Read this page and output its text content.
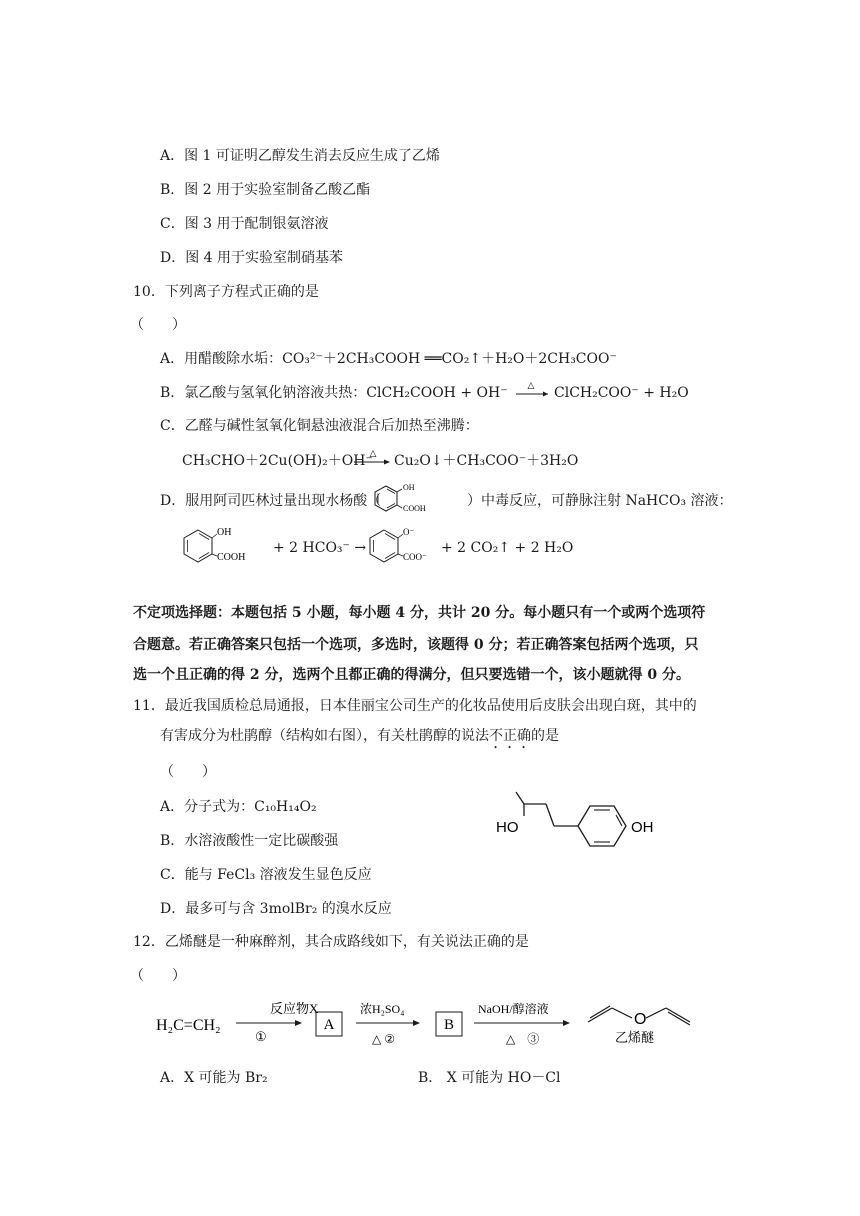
A．图 1 可证明乙醇发生消去反应生成了乙烯
B．图 2 用于实验室制备乙酸乙酯
C．图 3 用于配制银氨溶液
D．图 4 用于实验室制硝基苯
10．下列离子方程式正确的是
（　　）
A．用醋酸除水垢：CO₃²⁻＋2CH₃COOH ══CO₂↑＋H₂O＋2CH₃COO⁻
B．氯乙酸与氢氧化钠溶液共热：ClCH₂COOH + OH⁻ △ ClCH₂COO⁻ + H₂O
C．乙醛与碱性氢氧化铜悬浊液混合后加热至沸腾：
CH₃CHO＋2Cu(OH)₂＋OH⁻
△ Cu₂O↓＋CH₃COO⁻＋3H₂O
D．服用阿司匹林过量出现水杨酸（
OH
COOH	）中毒反应，可静脉注射 NaHCO₃ 溶液：
OH
COOH
+ 2 HCO₃⁻ →
O⁻
COO⁻
+ 2 CO₂↑ + 2 H₂O
不定项选择题：本题包括 5 小题，每小题 4 分，共计 20 分。每小题只有一个或两个选项符
合题意。若正确答案只包括一个选项，多选时，该题得 0 分；若正确答案包括两个选项，只
选一个且正确的得 2 分，选两个且都正确的得满分，但只要选错一个，该小题就得 0 分。
11．最近我国质检总局通报，日本佳丽宝公司生产的化妆品使用后皮肤会出现白斑，其中的
有害成分为杜鹃醇（结构如右图），有关杜鹃醇的说法不正确的是
（　　）
A．分子式为：C₁₀H₁₄O₂
B．水溶液酸性一定比碳酸强
C．能与 FeCl₃ 溶液发生显色反应
D．最多可与含 3molBr₂ 的溴水反应
HO	OH
12．乙烯醚是一种麻醉剂，其合成路线如下，有关说法正确的是
（　　）
H₂C=CH₂
反应物X
①
A
浓H₂SO₄
△ ②
B
NaOH/醇溶液
△　③
O
乙烯醚
A．X 可能为 Br₂	B． X 可能为 HO－Cl
